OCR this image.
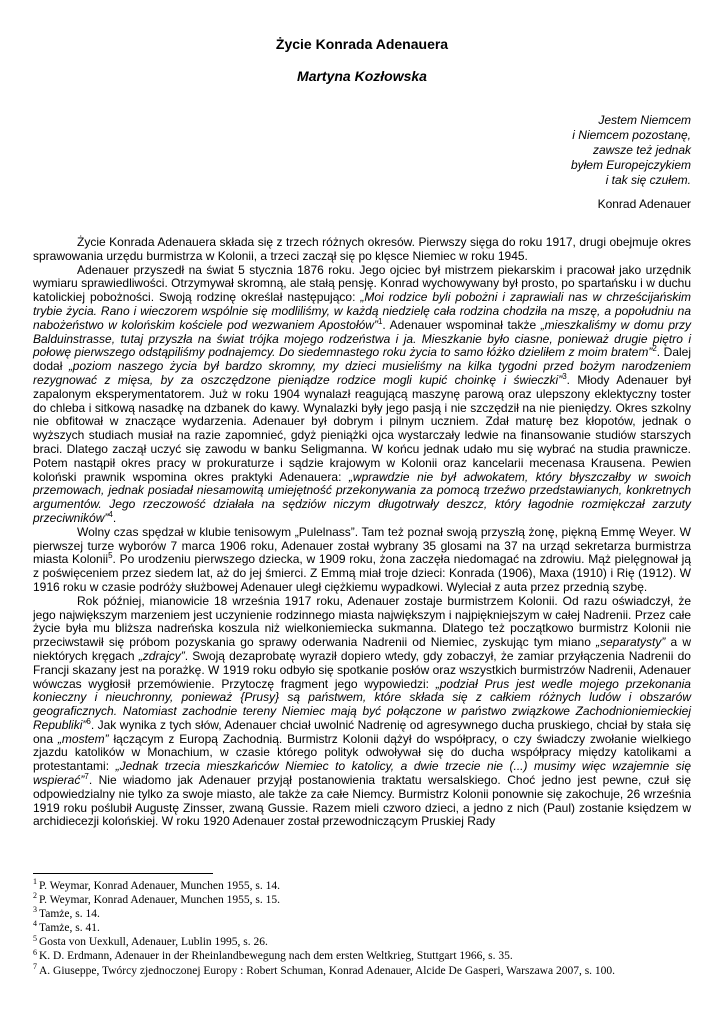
Życie Konrada Adenauera
Martyna Kozłowska
Jestem Niemcem
i Niemcem pozostanę,
zawsze też jednak
byłem Europejczykiem
i tak się czułem.
Konrad Adenauer

Życie Konrada Adenauera składa się z trzech różnych okresów. Pierwszy sięga do roku 1917, drugi obejmuje okres sprawowania urzędu burmistrza w Kolonii, a trzeci zaczął się po klęsce Niemiec w roku 1945.

Adenauer przyszedł na świat 5 stycznia 1876 roku. Jego ojciec był mistrzem piekarskim i pracował jako urzędnik wymiaru sprawiedliwości. Otrzymywał skromną, ale stałą pensję. Konrad wychowywany był prosto, po spartańsku i w duchu katolickiej pobożności. Swoją rodzinę określał następująco: „Moi rodzice byli pobożni i zaprawiali nas w chrześcijańskim trybie życia. Rano i wieczorem wspólnie się modliliśmy, w każdą niedzielę cała rodzina chodziła na mszę, a popołudniu na nabożeństwo w kolońskim kościele pod wezwaniem Apostołów”$^1$. Adenauer wspominał także „mieszkaliśmy w domu przy Balduinstrasse, tutaj przyszła na świat trójka mojego rodzeństwa i ja. Mieszkanie było ciasne, ponieważ drugie piętro i połowę pierwszego odstąpiliśmy podnajemcy. Do siedemnastego roku życia to samo łóżko dzieliłem z moim bratem”$^2$. Dalej dodał „poziom naszego życia był bardzo skromny, my dzieci musieliśmy na kilka tygodni przed bożym narodzeniem rezygnować z mięsa, by za oszczędzone pieniądze rodzice mogli kupić choinkę i świeczki”$^3$. Młody Adenauer był zapalonym eksperymentatorem. Już w roku 1904 wynalazł reagującą maszynę parową oraz ulepszony eklektyczny toster do chleba i sitkową nasadkę na dzbanek do kawy. Wynalazki były jego pasją i nie szczędził na nie pieniędzy. Okres szkolny nie obfitował w znaczące wydarzenia. Adenauer był dobrym i pilnym uczniem. Zdał maturę bez kłopotów, jednak o wyższych studiach musiał na razie zapomnieć, gdyż pieniążki ojca wystarczały ledwie na finansowanie studiów starszych braci. Dlatego zaczął uczyć się zawodu w banku Seligmanna. W końcu jednak udało mu się wybrać na studia prawnicze. Potem nastąpił okres pracy w prokuraturze i sądzie krajowym w Kolonii oraz kancelarii mecenasa Krausena. Pewien koloński prawnik wspomina okres praktyki Adenauera: „wprawdzie nie był adwokatem, który błyszczałby w swoich przemowach, jednak posiadał niesamowitą umiejętność przekonywania za pomocą trzeźwo przedstawianych, konkretnych argumentów. Jego rzeczowość działała na sędziów niczym długotrwały deszcz, który łagodnie rozmiękczał zarzuty przeciwników”$^4$.

Wolny czas spędzał w klubie tenisowym „Pulelnass”. Tam też poznał swoją przyszłą żonę, piękną Emmę Weyer. W pierwszej turze wyborów 7 marca 1906 roku, Adenauer został wybrany 35 glosami na 37 na urząd sekretarza burmistrza miasta Kolonii$^5$. Po urodzeniu pierwszego dziecka, w 1909 roku, żona zaczęła niedomagać na zdrowiu. Mąż pielęgnował ją z poświęceniem przez siedem lat, aż do jej śmierci. Z Emmą miał troje dzieci: Konrada (1906), Maxa (1910) i Rię (1912). W 1916 roku w czasie podróży służbowej Adenauer uległ ciężkiemu wypadkowi. Wyleciał z auta przez przednią szybę.

Rok później, mianowicie 18 września 1917 roku, Adenauer zostaje burmistrzem Kolonii. Od razu oświadczył, że jego największym marzeniem jest uczynienie rodzinnego miasta największym i najpiękniejszym w całej Nadrenii. Przez całe życie była mu bliższa nadreńska koszula niż wielkoniemiecka sukmanna. Dlatego też początkowo burmistrz Kolonii nie przeciwstawił się próbom pozyskania go sprawy oderwania Nadrenii od Niemiec, zyskując tym miano „separatysty” a w niektórych kręgach „zdrajcy”. Swoją dezaprobatę wyraził dopiero wtedy, gdy zobaczył, że zamiar przyłączenia Nadrenii do Francji skazany jest na porażkę. W 1919 roku odbyło się spotkanie posłów oraz wszystkich burmistrzów Nadrenii, Adenauer wówczas wygłosił przemówienie. Przytoczę fragment jego wypowiedzi: „podział Prus jest wedle mojego przekonania konieczny i nieuchronny, ponieważ {Prusy} są państwem, które składa się z całkiem różnych ludów i obszarów geograficznych. Natomiast zachodnie tereny Niemiec mają być połączone w państwo związkowe Zachodnioniemieckiej Republiki”$^6$. Jak wynika z tych słów, Adenauer chciał uwolnić Nadrenię od agresywnego ducha pruskiego, chciał by stała się ona „mostem” łączącym z Europą Zachodnią. Burmistrz Kolonii dążył do współpracy, o czy świadczy zwołanie wielkiego zjazdu katolików w Monachium, w czasie którego polityk odwoływał się do ducha współpracy między katolikami a protestantami: „Jednak trzecia mieszkańców Niemiec to katolicy, a dwie trzecie nie (...) musimy więc wzajemnie się wspierać”$^7$. Nie wiadomo jak Adenauer przyjął postanowienia traktatu wersalskiego. Choć jedno jest pewne, czuł się odpowiedzialny nie tylko za swoje miasto, ale także za całe Niemcy. Burmistrz Kolonii ponownie się zakochuje, 26 września 1919 roku poślubił Augustę Zinsser, zwaną Gussie. Razem mieli czworo dzieci, a jedno z nich (Paul) zostanie księdzem w archidiecezji kolońskiej. W roku 1920 Adenauer został przewodniczącym Pruskiej Rady

$^1$ P. Weymar, Konrad Adenauer, Munchen 1955, s. 14.
$^2$ P. Weymar, Konrad Adenauer, Munchen 1955, s. 15.
$^3$ Tamże, s. 14.
$^4$ Tamże, s. 41.
$^5$ Gosta von Uexkull, Adenauer, Lublin 1995, s. 26.
$^6$ K. D. Erdmann, Adenauer in der Rheinlandbewegung nach dem ersten Weltkrieg, Stuttgart 1966, s. 35.
$^7$ A. Giuseppe, Twórcy zjednoczonej Europy : Robert Schuman, Konrad Adenauer, Alcide De Gasperi, Warszawa 2007, s. 100.
